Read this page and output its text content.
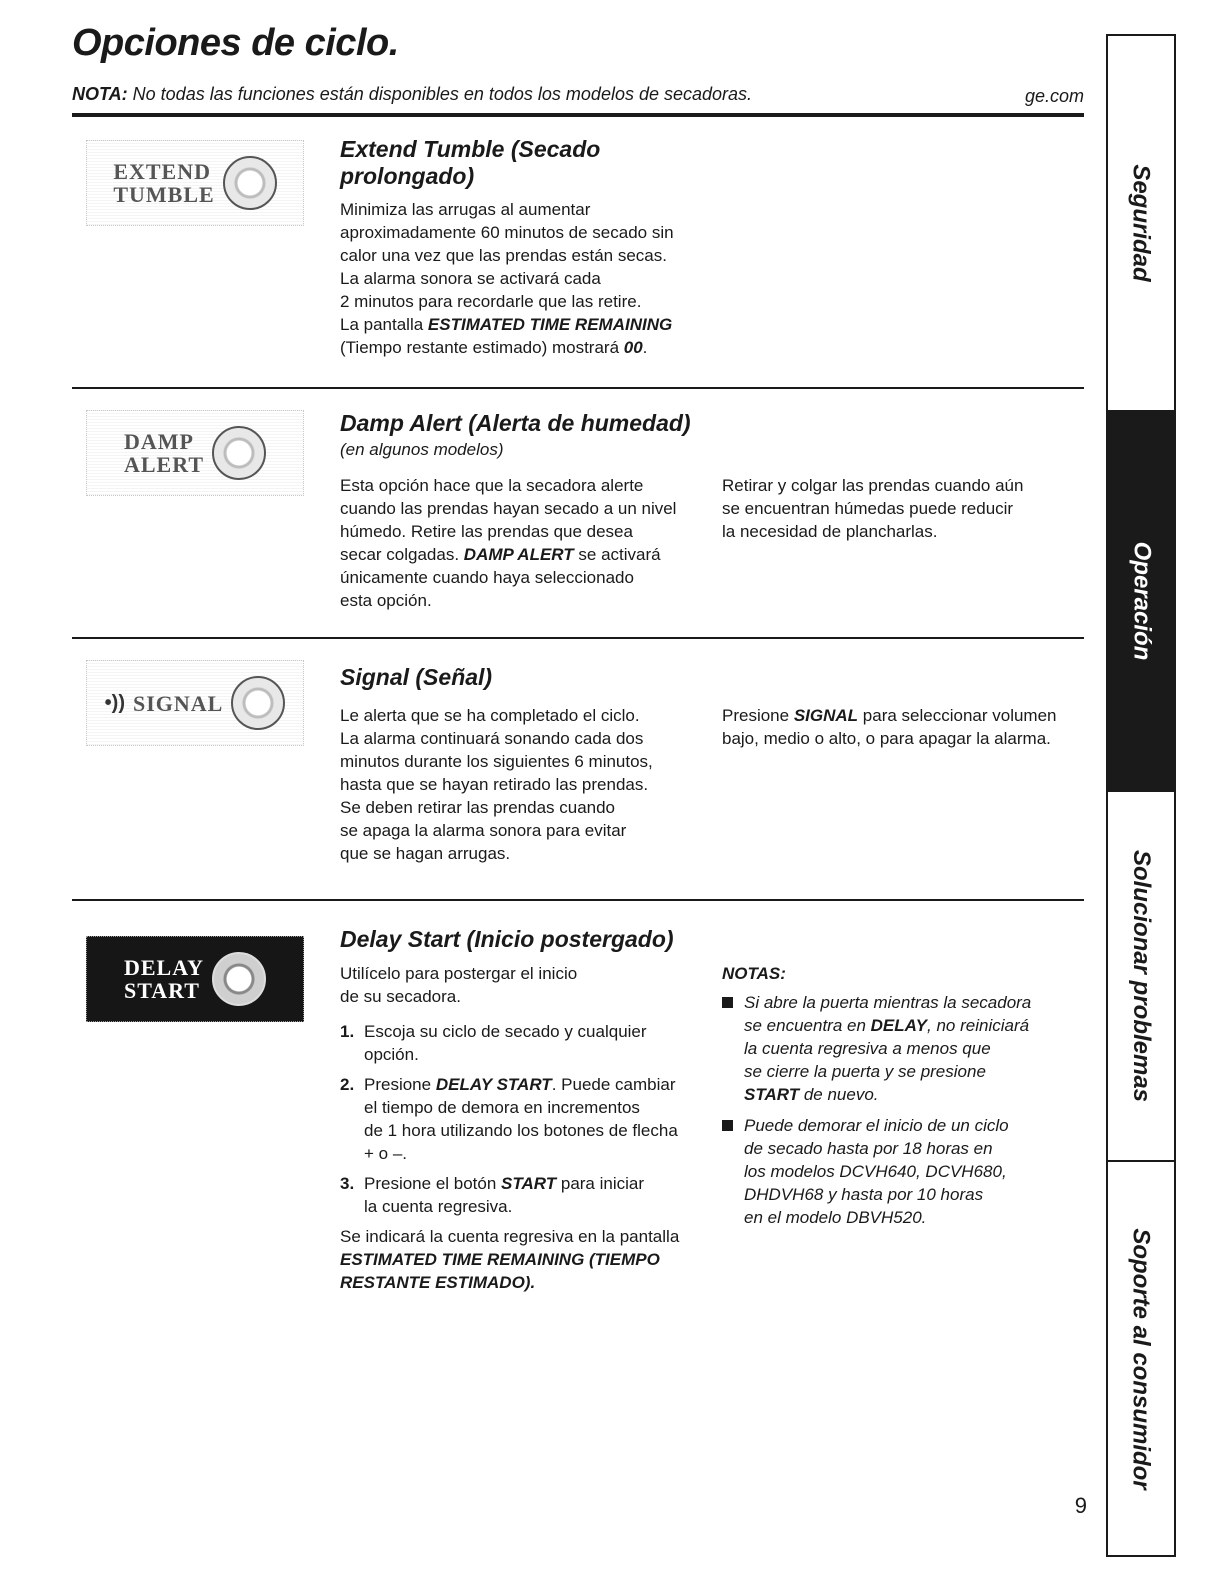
Opciones de ciclo.
NOTA: No todas las funciones están disponibles en todos los modelos de secadoras.	ge.com
EXTEND
TUMBLE
Extend Tumble (Secado
prolongado)
Minimiza las arrugas al aumentar
aproximadamente 60 minutos de secado sin
calor una vez que las prendas están secas.
La alarma sonora se activará cada
2 minutos para recordarle que las retire.
La pantalla ESTIMATED TIME REMAINING
(Tiempo restante estimado) mostrará 00.
DAMP
ALERT
Damp Alert (Alerta de humedad)
(en algunos modelos)
Esta opción hace que la secadora alerte
cuando las prendas hayan secado a un nivel
húmedo. Retire las prendas que desea
secar colgadas. DAMP ALERT se activará
únicamente cuando haya seleccionado
esta opción.
Retirar y colgar las prendas cuando aún
se encuentran húmedas puede reducir
la necesidad de plancharlas.
•)) SIGNAL
Signal (Señal)
Le alerta que se ha completado el ciclo.
La alarma continuará sonando cada dos
minutos durante los siguientes 6 minutos,
hasta que se hayan retirado las prendas.
Se deben retirar las prendas cuando
se apaga la alarma sonora para evitar
que se hagan arrugas.
Presione SIGNAL para seleccionar volumen
bajo, medio o alto, o para apagar la alarma.
DELAY
START
Delay Start (Inicio postergado)
Utilícelo para postergar el inicio
de su secadora.
1. Escoja su ciclo de secado y cualquier
opción.
2. Presione DELAY START. Puede cambiar
el tiempo de demora en incrementos
de 1 hora utilizando los botones de flecha
+ o –.
3. Presione el botón START para iniciar
la cuenta regresiva.
Se indicará la cuenta regresiva en la pantalla
ESTIMATED TIME REMAINING (TIEMPO
RESTANTE ESTIMADO).
NOTAS:
Si abre la puerta mientras la secadora
se encuentra en DELAY, no reiniciará
la cuenta regresiva a menos que
se cierre la puerta y se presione
START de nuevo.
Puede demorar el inicio de un ciclo
de secado hasta por 18 horas en
los modelos DCVH640, DCVH680,
DHDVH68 y hasta por 10 horas
en el modelo DBVH520.
Seguridad
Operación
Solucionar problemas
Soporte al consumidor
9
